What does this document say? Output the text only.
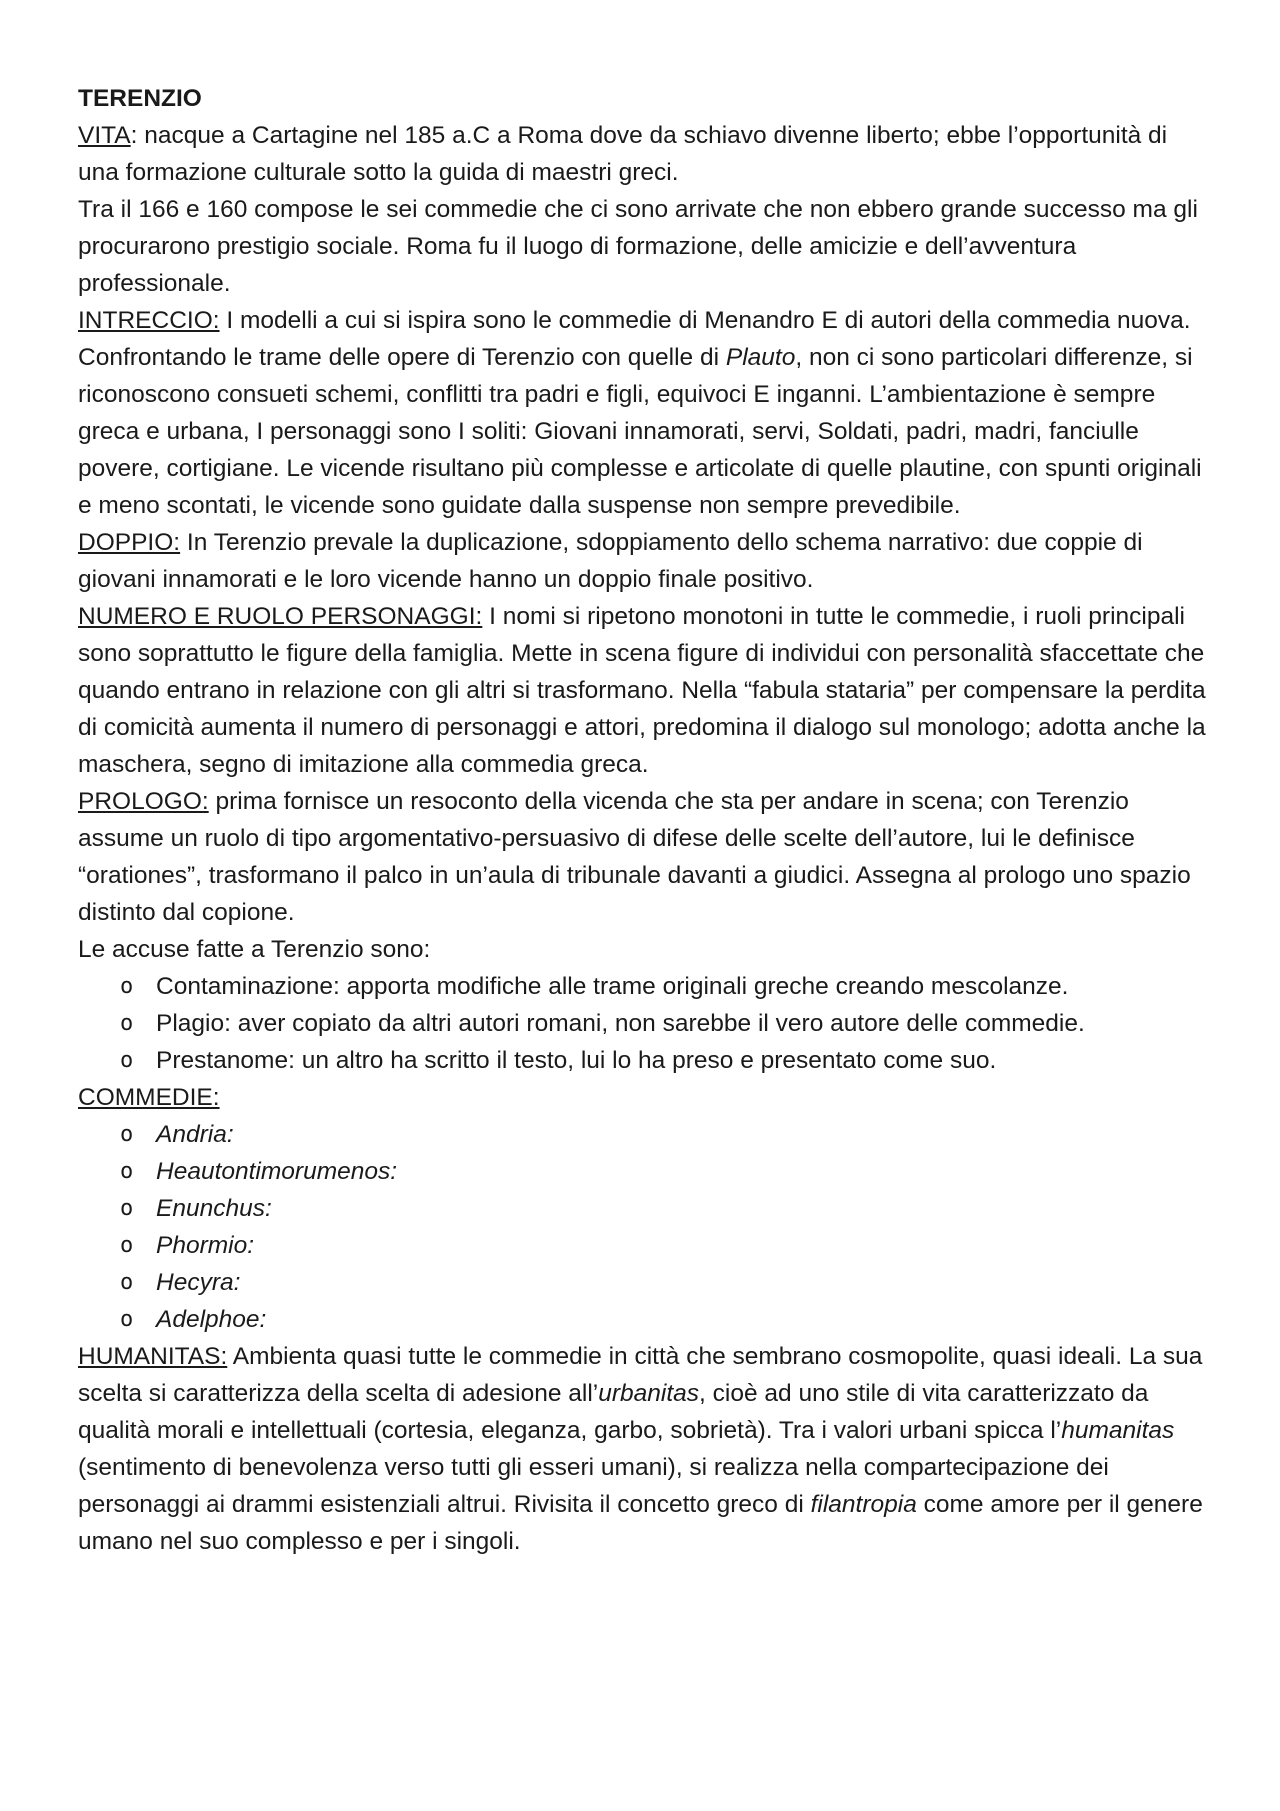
TERENZIO

VITA: nacque a Cartagine nel 185 a.C a Roma dove da schiavo divenne liberto; ebbe l’opportunità di una formazione culturale sotto la guida di maestri greci.

Tra il 166 e 160 compose le sei commedie che ci sono arrivate che non ebbero grande successo ma gli procurarono prestigio sociale. Roma fu il luogo di formazione, delle amicizie e dell’avventura professionale.

INTRECCIO: I modelli a cui si ispira sono le commedie di Menandro E di autori della commedia nuova. Confrontando le trame delle opere di Terenzio con quelle di Plauto, non ci sono particolari differenze, si riconoscono consueti schemi, conflitti tra padri e figli, equivoci E inganni. L’ambientazione è sempre greca e urbana, I personaggi sono I soliti: Giovani innamorati, servi, Soldati, padri, madri, fanciulle povere, cortigiane. Le vicende risultano più complesse e articolate di quelle plautine, con spunti originali e meno scontati, le vicende sono guidate dalla suspense non sempre prevedibile.

DOPPIO: In Terenzio prevale la duplicazione, sdoppiamento dello schema narrativo: due coppie di giovani innamorati e le loro vicende hanno un doppio finale positivo.

NUMERO E RUOLO PERSONAGGI: I nomi si ripetono monotoni in tutte le commedie, i ruoli principali sono soprattutto le figure della famiglia. Mette in scena figure di individui con personalità sfaccettate che quando entrano in relazione con gli altri si trasformano. Nella “fabula stataria” per compensare la perdita di comicità aumenta il numero di personaggi e attori, predomina il dialogo sul monologo; adotta anche la maschera, segno di imitazione alla commedia greca.

PROLOGO: prima fornisce un resoconto della vicenda che sta per andare in scena; con Terenzio assume un ruolo di tipo argomentativo-persuasivo di difese delle scelte dell’autore, lui le definisce “orationes”, trasformano il palco in un’aula di tribunale davanti a giudici. Assegna al prologo uno spazio distinto dal copione.

Le accuse fatte a Terenzio sono:

o Contaminazione: apporta modifiche alle trame originali greche creando mescolanze.
o Plagio: aver copiato da altri autori romani, non sarebbe il vero autore delle commedie.
o Prestanome: un altro ha scritto il testo, lui lo ha preso e presentato come suo.

COMMEDIE:

o Andria:
o Heautontimorumenos:
o Enunchus:
o Phormio:
o Hecyra:
o Adelphoe:

HUMANITAS: Ambienta quasi tutte le commedie in città che sembrano cosmopolite, quasi ideali. La sua scelta si caratterizza della scelta di adesione all’urbanitas, cioè ad uno stile di vita caratterizzato da qualità morali e intellettuali (cortesia, eleganza, garbo, sobrietà). Tra i valori urbani spicca l’humanitas (sentimento di benevolenza verso tutti gli esseri umani), si realizza nella compartecipazione dei personaggi ai drammi esistenziali altrui. Rivisita il concetto greco di filantropia come amore per il genere umano nel suo complesso e per i singoli.
